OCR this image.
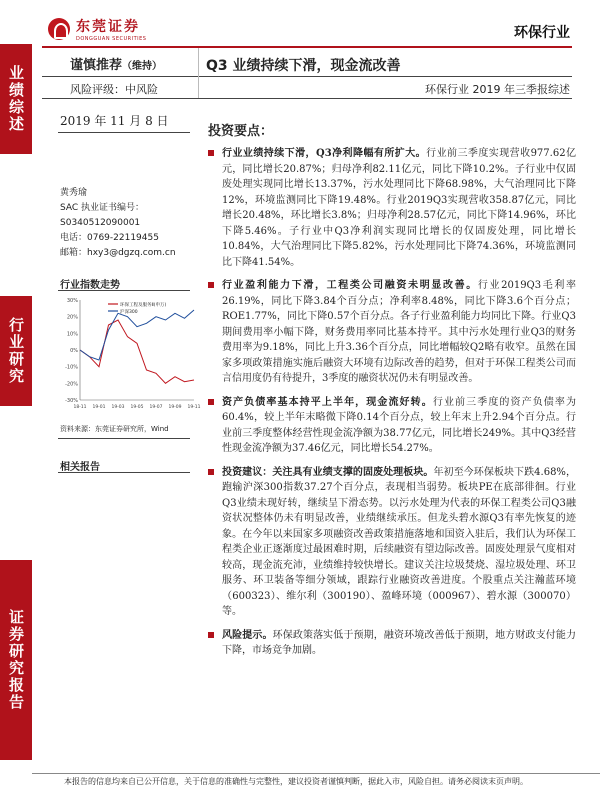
业绩综述
行业研究
证券研究报告
东莞证券
DONGGUAN SECURITIES	环保行业
谨慎推荐（维持）	Q3 业绩持续下滑，现金流改善
风险评级：中风险	环保行业 2019 年三季报综述
2019 年 11 月 8 日
投资要点：
黄秀瑜
SAC 执业证书编号：
S0340512090001
电话：0769-22119455
邮箱：hxy3@dgzq.com.cn
行业指数走势
30%
20%
10%
0%
-10%
-20%
-30%
18-11 19-01 19-03 19-05 19-07 19-09 19-11
环保工程及服务Ⅱ(申万)
沪深300
资料来源：东莞证券研究所，Wind
相关报告
行业业绩持续下滑，Q3净利降幅有所扩大。行业前三季度实现营收977.62亿元，同比增长20.87%；归母净利82.11亿元，同比下降10.2%。子行业中仅固废处理实现同比增长13.37%，污水处理同比下降68.98%，大气治理同比下降12%，环境监测同比下降19.48%。行业2019Q3实现营收358.87亿元，同比增长20.48%，环比增长3.8%；归母净利28.57亿元，同比下降14.96%，环比下降5.46%。子行业中Q3净利润实现同比增长的仅固废处理，同比增长10.84%，大气治理同比下降5.82%，污水处理同比下降74.36%，环境监测同比下降41.54%。
行业盈利能力下滑，工程类公司融资未明显改善。行业2019Q3毛利率26.19%，同比下降3.84个百分点；净利率8.48%，同比下降3.6个百分点；ROE1.77%，同比下降0.57个百分点。各子行业盈利能力均同比下降。行业Q3期间费用率小幅下降，财务费用率同比基本持平。其中污水处理行业Q3的财务费用率为9.18%，同比上升3.36个百分点，同比增幅较Q2略有收窄。虽然在国家多项政策措施实施后融资大环境有边际改善的趋势，但对于环保工程类公司而言信用度仍有待提升，3季度的融资状况仍未有明显改善。
资产负债率基本持平上半年，现金流好转。行业前三季度的资产负债率为60.4%，较上半年末略微下降0.14个百分点，较上年末上升2.94个百分点。行业前三季度整体经营性现金流净额为38.77亿元，同比增长249%。其中Q3经营性现金流净额为37.46亿元，同比增长54.27%。
投资建议：关注具有业绩支撑的固废处理板块。年初至今环保板块下跌4.68%，跑输沪深300指数37.27个百分点，表现相当弱势。板块PE在底部徘徊。行业Q3业绩未现好转，继续呈下滑态势。以污水处理为代表的环保工程类公司Q3融资状况整体仍未有明显改善，业绩继续承压。但龙头碧水源Q3有率先恢复的迹象。在今年以来国家多项融资改善政策措施落地和国资入驻后，我们认为环保工程类企业正逐渐度过最困难时期，后续融资有望边际改善。固废处理景气度相对较高，现金流充沛，业绩维持较快增长。建议关注垃圾焚烧、湿垃圾处理、环卫服务、环卫装备等细分领域，跟踪行业融资改善进度。个股重点关注瀚蓝环境（600323）、维尔利（300190）、盈峰环境（000967）、碧水源（300070）等。
风险提示。环保政策落实低于预期，融资环境改善低于预期，地方财政支付能力下降，市场竞争加剧。
本报告的信息均来自已公开信息，关于信息的准确性与完整性，建议投资者谨慎判断，据此入市，风险自担。请务必阅读末页声明。
